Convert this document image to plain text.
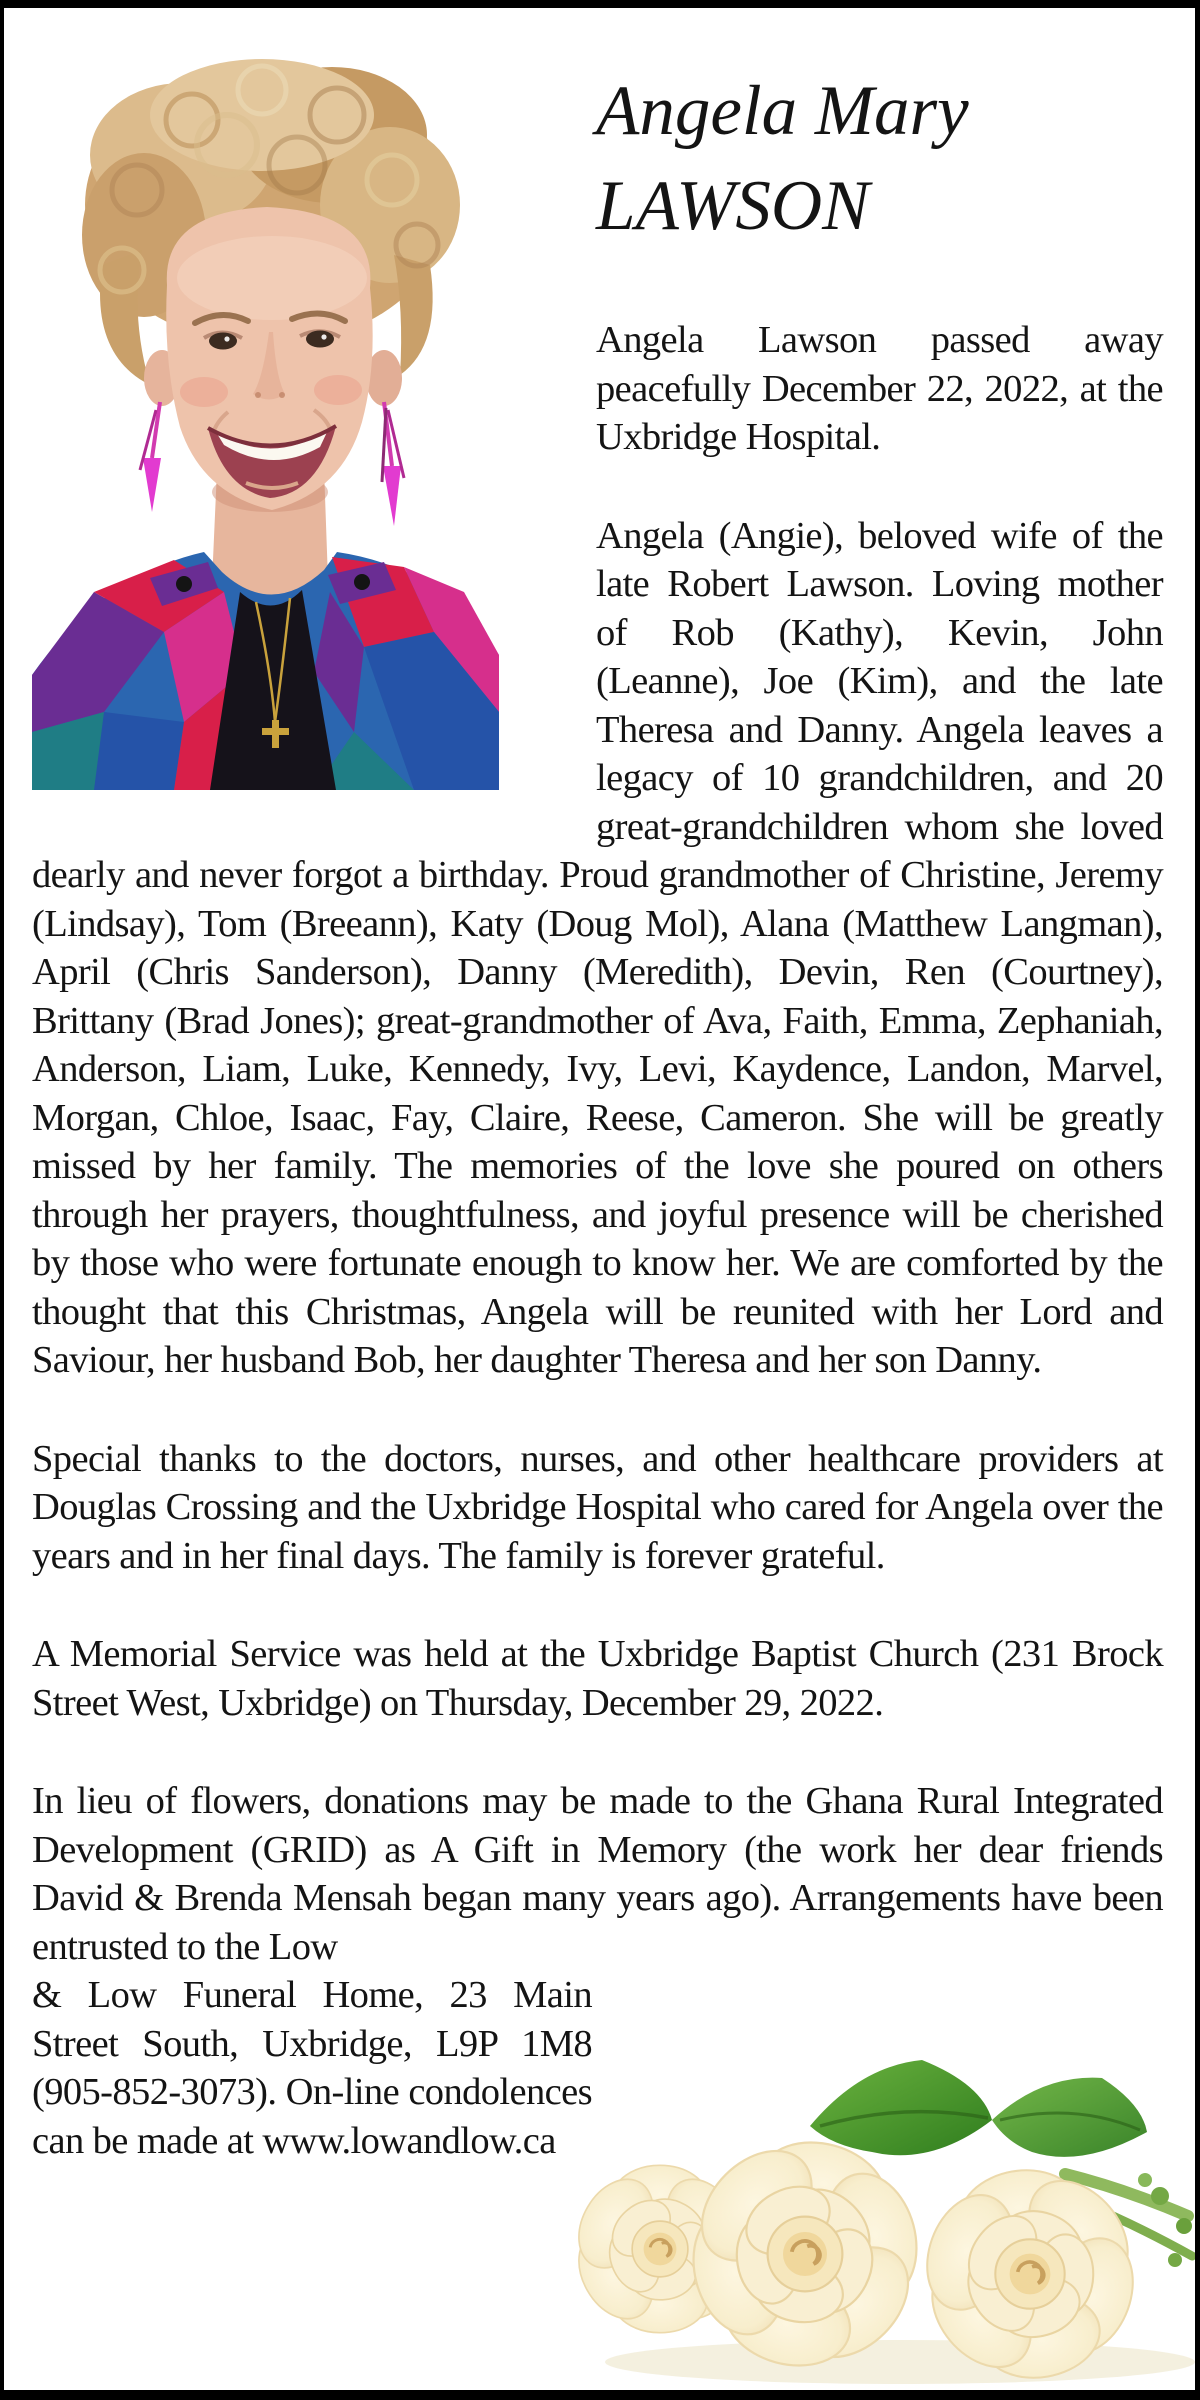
Angela Mary
LAWSON

Angela Lawson passed away peacefully December 22, 2022, at the Uxbridge Hospital.

Angela (Angie), beloved wife of the late Robert Lawson. Loving mother of Rob (Kathy), Kevin, John (Leanne), Joe (Kim), and the late Theresa and Danny. Angela leaves a legacy of 10 grandchildren, and 20 great-grandchildren whom she loved dearly and never forgot a birthday. Proud grandmother of Christine, Jeremy (Lindsay), Tom (Breeann), Katy (Doug Mol), Alana (Matthew Langman), April (Chris Sanderson), Danny (Meredith), Devin, Ren (Courtney), Brittany (Brad Jones); great-grandmother of Ava, Faith, Emma, Zephaniah, Anderson, Liam, Luke, Kennedy, Ivy, Levi, Kaydence, Landon, Marvel, Morgan, Chloe, Isaac, Fay, Claire, Reese, Cameron. She will be greatly missed by her family. The memories of the love she poured on others through her prayers, thoughtfulness, and joyful presence will be cherished by those who were fortunate enough to know her. We are comforted by the thought that this Christmas, Angela will be reunited with her Lord and Saviour, her husband Bob, her daughter Theresa and her son Danny.

Special thanks to the doctors, nurses, and other healthcare providers at Douglas Crossing and the Uxbridge Hospital who cared for Angela over the years and in her final days. The family is forever grateful.

A Memorial Service was held at the Uxbridge Baptist Church (231 Brock Street West, Uxbridge) on Thursday, December 29, 2022.

In lieu of flowers, donations may be made to the Ghana Rural Integrated Development (GRID) as A Gift in Memory (the work her dear friends David & Brenda Mensah began many years ago). Arrangements have been entrusted to the Low

& Low Funeral Home, 23 Main Street South, Uxbridge, L9P 1M8 (905-852-3073). On-line condolences can be made at www.lowandlow.ca
